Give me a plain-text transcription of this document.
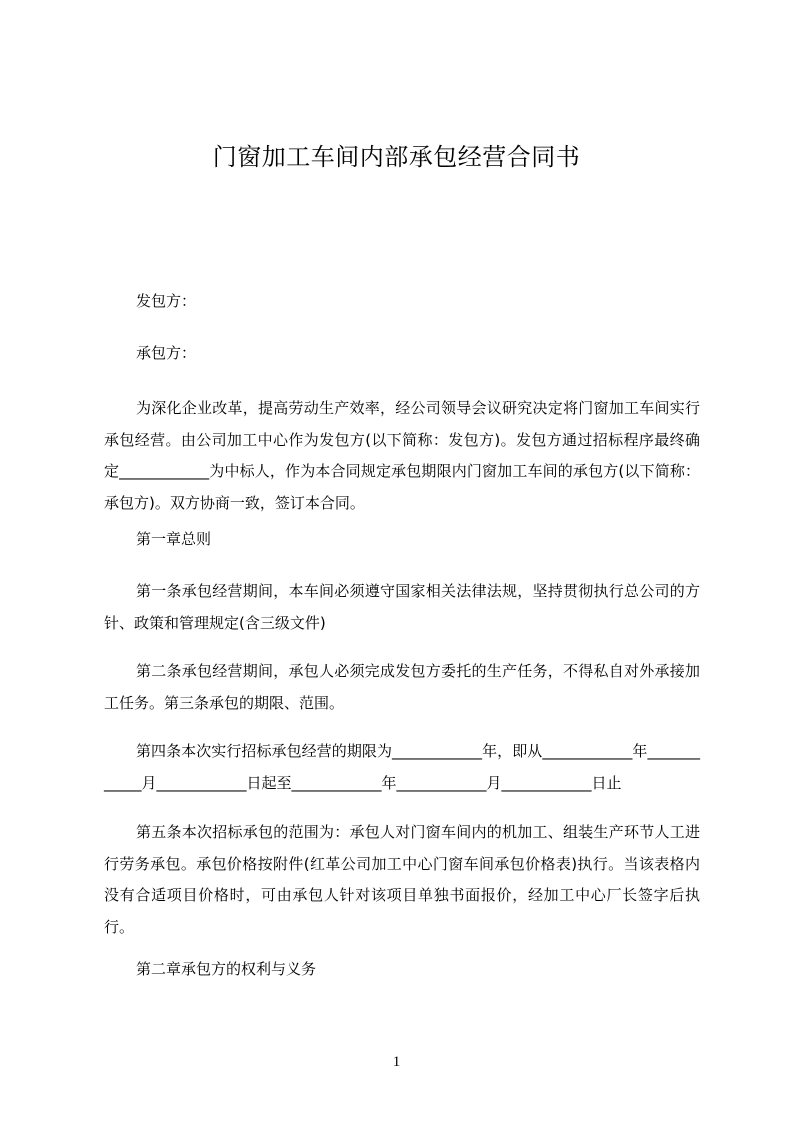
门窗加工车间内部承包经营合同书
发包方：
承包方：
为深化企业改革，提高劳动生产效率，经公司领导会议研究决定将门窗加工车间实行承包经营。由公司加工中心作为发包方(以下简称：发包方)。发包方通过招标程序最终确定____________为中标人，作为本合同规定承包期限内门窗加工车间的承包方(以下简称：承包方)。双方协商一致，签订本合同。
第一章总则
第一条承包经营期间，本车间必须遵守国家相关法律法规，坚持贯彻执行总公司的方针、政策和管理规定(含三级文件)
第二条承包经营期间，承包人必须完成发包方委托的生产任务，不得私自对外承接加工任务。第三条承包的期限、范围。
第四条本次实行招标承包经营的期限为____________年，即从____________年____________月____________日起至____________年____________月____________日止
第五条本次招标承包的范围为：承包人对门窗车间内的机加工、组装生产环节人工进行劳务承包。承包价格按附件(红革公司加工中心门窗车间承包价格表)执行。当该表格内没有合适项目价格时，可由承包人针对该项目单独书面报价，经加工中心厂长签字后执行。
第二章承包方的权利与义务
1
